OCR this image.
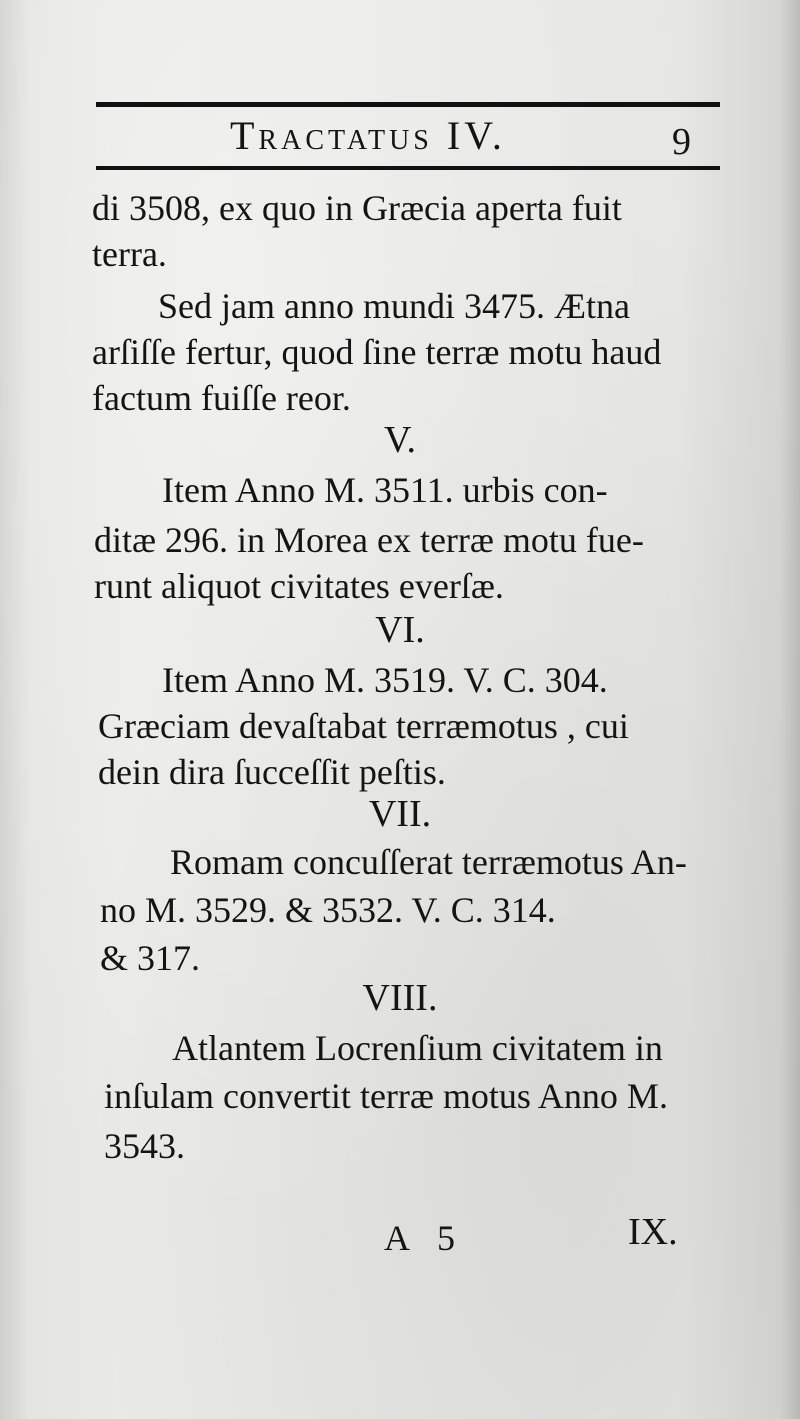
Tractatus IV.	9
di 3508, ex quo in Græcia aperta fuit
terra.
Sed jam anno mundi 3475. Ætna
arſiſſe fertur, quod ſine terræ motu haud
factum fuiſſe reor.
V.
Item Anno M. 3511. urbis con-
ditæ 296. in Morea ex terræ motu fue-
runt aliquot civitates everſæ.
VI.
Item Anno M. 3519. V. C. 304.
Græciam devaſtabat terræmotus , cui
dein dira ſucceſſit peſtis.
VII.
Romam concuſſerat terræmotus An-
no M. 3529. & 3532. V. C. 314.
& 317.
VIII.
Atlantem Locrenſium civitatem in
inſulam convertit terræ motus Anno M.
3543.
A 5	IX.
